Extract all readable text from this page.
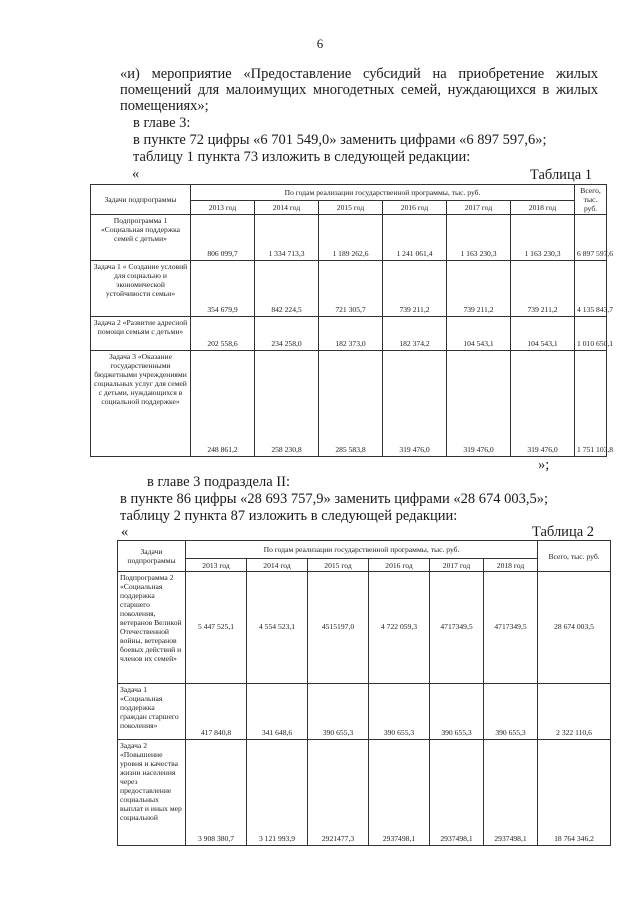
6
«и) мероприятие «Предоставление субсидий на приобретение жилых
помещений для малоимущих многодетных семей, нуждающихся в жилых
помещениях»;
в главе 3:
в пункте 72 цифры «6 701 549,0» заменить цифрами «6 897 597,6»;
таблицу 1 пункта 73 изложить в следующей редакции:
«	Таблица 1
Задачи подпрограммы	По годам реализации государственной программы, тыс. руб.						Всего, тыс. руб.
	2013 год	2014 год	2015 год	2016 год	2017 год	2018 год	
Подпрограмма 1 «Социальная поддержка семей с детьми»	806 099,7	1 334 713,3	1 189 262,6	1 241 061,4	1 163 230,3	1 163 230,3	6 897 597,6
Задача 1 « Создание условий для социально и экономической устойчивости семьи»	354 679,9	842 224,5	721 305,7	739 211,2	739 211,2	739 211,2	4 135 843,7
Задача 2 «Развитие адресной помощи семьям с детьми»	202 558,6	234 258,0	182 373,0	182 374,2	104 543,1	104 543,1	1 010 650,1
Задача 3 «Оказание государственными бюджетными учреждениями социальных услуг для семей с детьми, нуждающихся в социальной поддержке»	248 861,2	258 230,8	285 583,8	319 476,0	319 476,0	319 476,0	1 751 103,8
»;
в главе 3 подраздела II:
в пункте 86 цифры «28 693 757,9» заменить цифрами «28 674 003,5»;
таблицу 2 пункта 87 изложить в следующей редакции:
«	Таблица 2
Задачи подпрограммы	По годам реализации государственной программы, тыс. руб.						Всего, тыс. руб.
	2013 год	2014 год	2015 год	2016 год	2017 год	2018 год	
Подпрограмма 2 «Социальная поддержка старшего поколения, ветеранов Великой Отечественной войны, ветеранов боевых действий и членов их семей»	5 447 525,1	4 554 523,1	4515197,0	4 722 059,3	4717349,5	4717349,5	28 674 003,5
Задача 1 «Социальная поддержка граждан старшего поколения»	417 840,8	341 648,6	390 655,3	390 655,3	390 655,3	390 655,3	2 322 110,6
Задача 2 «Повышение уровня и качества жизни населения через предоставление социальных выплат и иных мер социальной	3 908 380,7	3 121 993,9	2921477,3	2937498,1	2937498,1	2937498,1	18 764 346,2
